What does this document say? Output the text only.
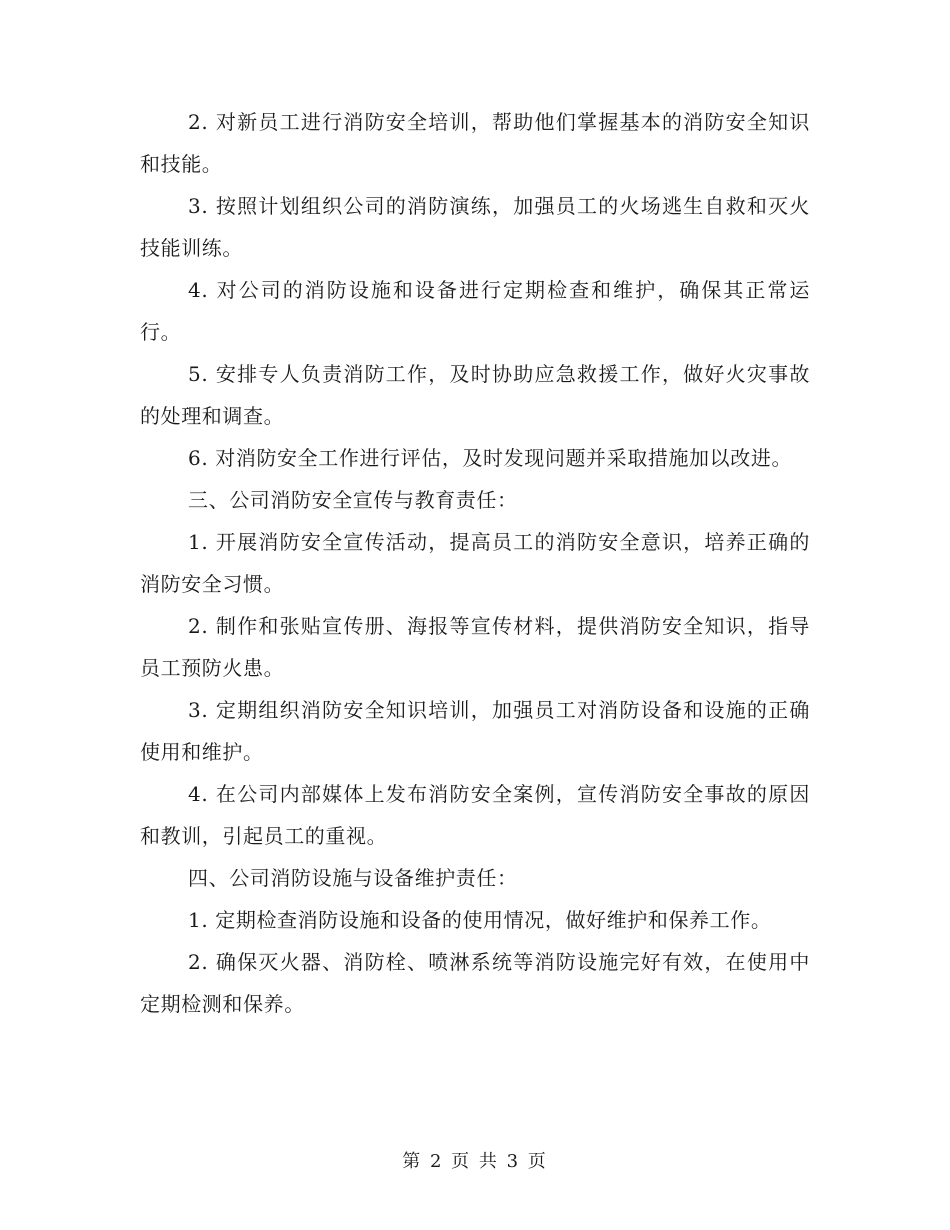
2. 对新员工进行消防安全培训，帮助他们掌握基本的消防安全知识和技能。

3. 按照计划组织公司的消防演练，加强员工的火场逃生自救和灭火技能训练。

4. 对公司的消防设施和设备进行定期检查和维护，确保其正常运行。

5. 安排专人负责消防工作，及时协助应急救援工作，做好火灾事故的处理和调查。

6. 对消防安全工作进行评估，及时发现问题并采取措施加以改进。

三、公司消防安全宣传与教育责任：

1. 开展消防安全宣传活动，提高员工的消防安全意识，培养正确的消防安全习惯。

2. 制作和张贴宣传册、海报等宣传材料，提供消防安全知识，指导员工预防火患。

3. 定期组织消防安全知识培训，加强员工对消防设备和设施的正确使用和维护。

4. 在公司内部媒体上发布消防安全案例，宣传消防安全事故的原因和教训，引起员工的重视。

四、公司消防设施与设备维护责任：

1. 定期检查消防设施和设备的使用情况，做好维护和保养工作。

2. 确保灭火器、消防栓、喷淋系统等消防设施完好有效，在使用中定期检测和保养。

第 2 页 共 3 页
